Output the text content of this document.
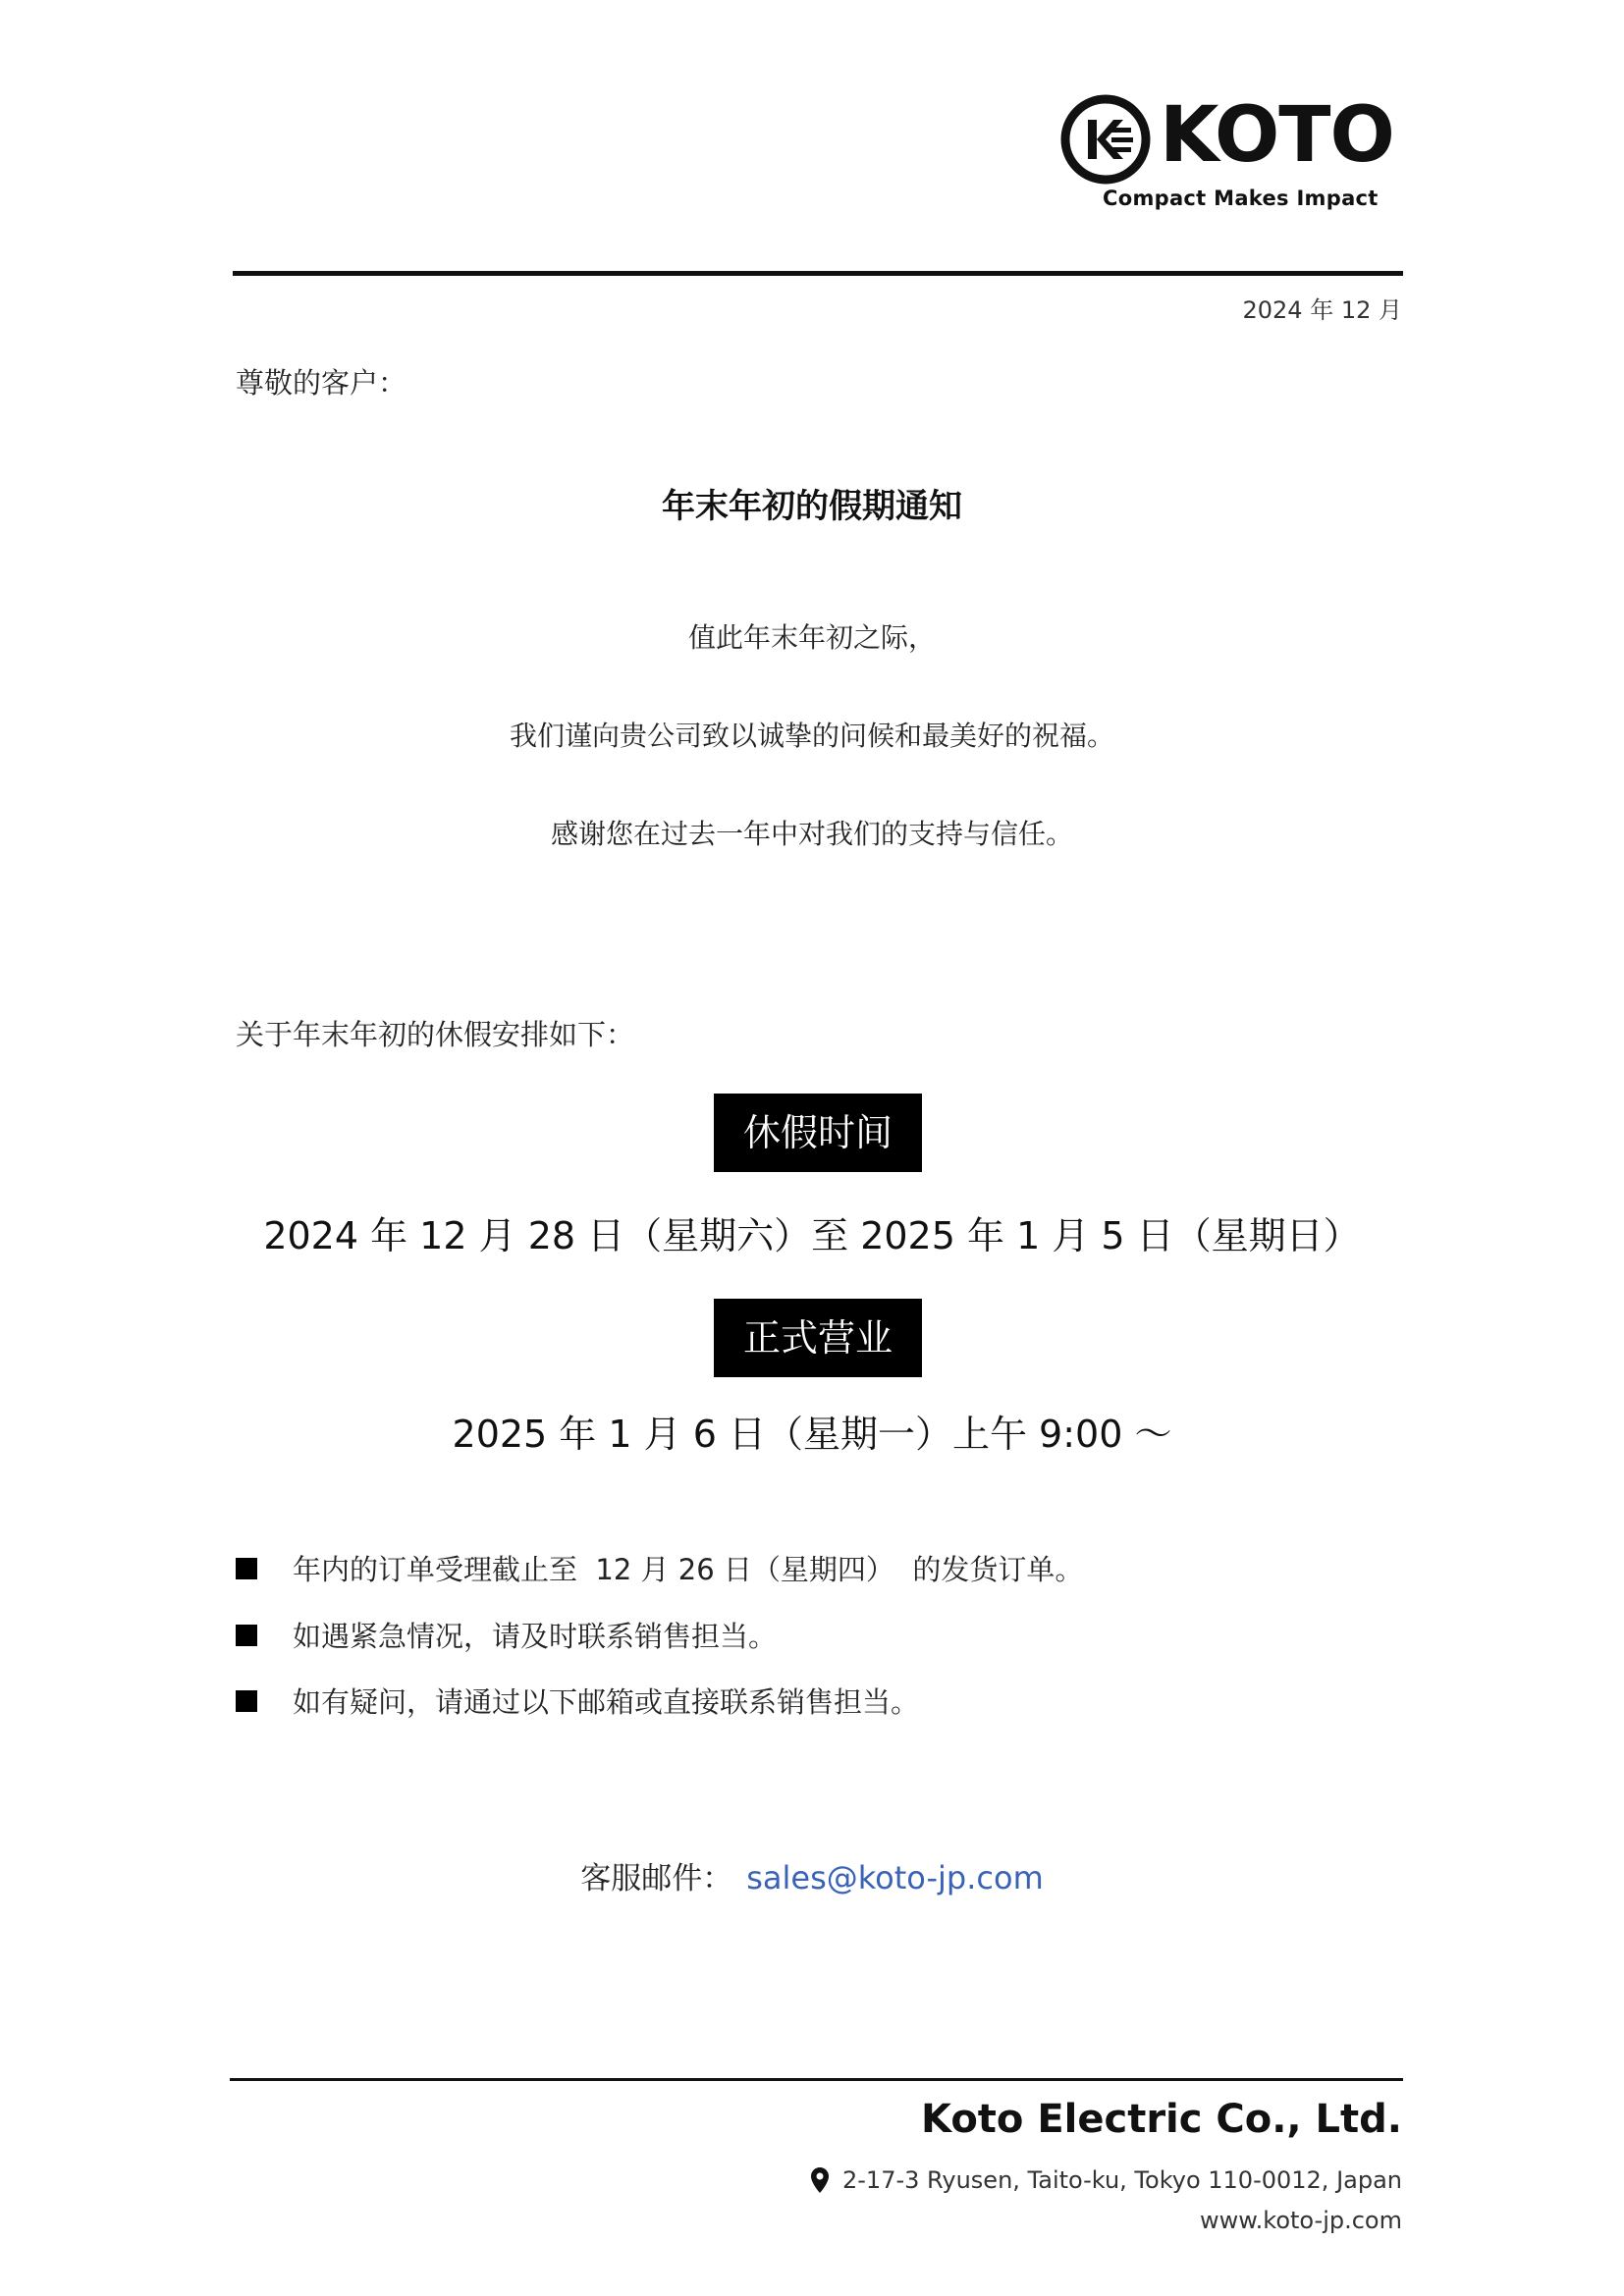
KOTO
Compact Makes Impact
2024 年 12 月
尊敬的客户：
年末年初的假期通知
值此年末年初之际，
我们谨向贵公司致以诚挚的问候和最美好的祝福。
感谢您在过去一年中对我们的支持与信任。
关于年末年初的休假安排如下：
休假时间
2024 年 12 月 28 日（星期六）至 2025 年 1 月 5 日（星期日）
正式营业
2025 年 1 月 6 日（星期一）上午 9:00 ～
年内的订单受理截止至  12 月 26 日（星期四）  的发货订单。
如遇紧急情况，请及时联系销售担当。
如有疑问，请通过以下邮箱或直接联系销售担当。
客服邮件： sales@koto-jp.com
Koto Electric Co., Ltd.
2-17-3 Ryusen, Taito-ku, Tokyo 110-0012, Japan
www.koto-jp.com
